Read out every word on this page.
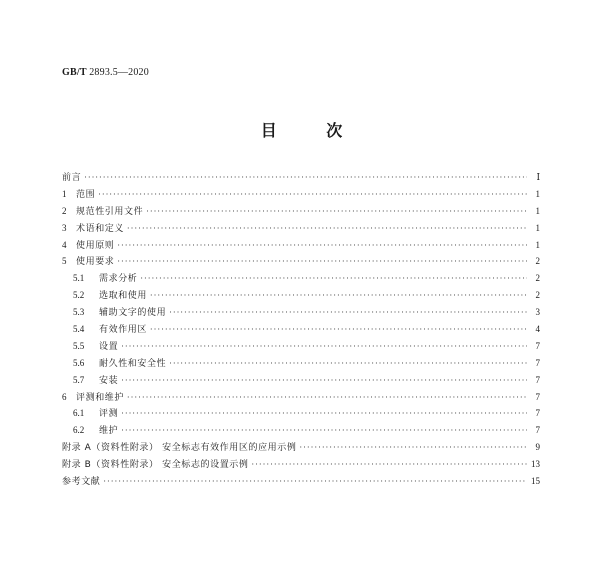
GB/T 2893.5—2020
目 次
前言 ·····	Ⅰ
1	范围 ·····	1
2	规范性引用文件 ·····	1
3	术语和定义 ·····	1
4	使用原则 ·····	1
5	使用要求 ·····	2
5.1	需求分析 ·····	2
5.2	选取和使用 ·····	2
5.3	辅助文字的使用 ·····	3
5.4	有效作用区 ·····	4
5.5	设置 ·····	7
5.6	耐久性和安全性 ·····	7
5.7	安装 ·····	7
6	评测和维护 ·····	7
6.1	评测 ·····	7
6.2	维护 ·····	7
附录 A（资料性附录） 安全标志有效作用区的应用示例 ·····	9
附录 B（资料性附录） 安全标志的设置示例 ·····	13
参考文献 ·····	15
